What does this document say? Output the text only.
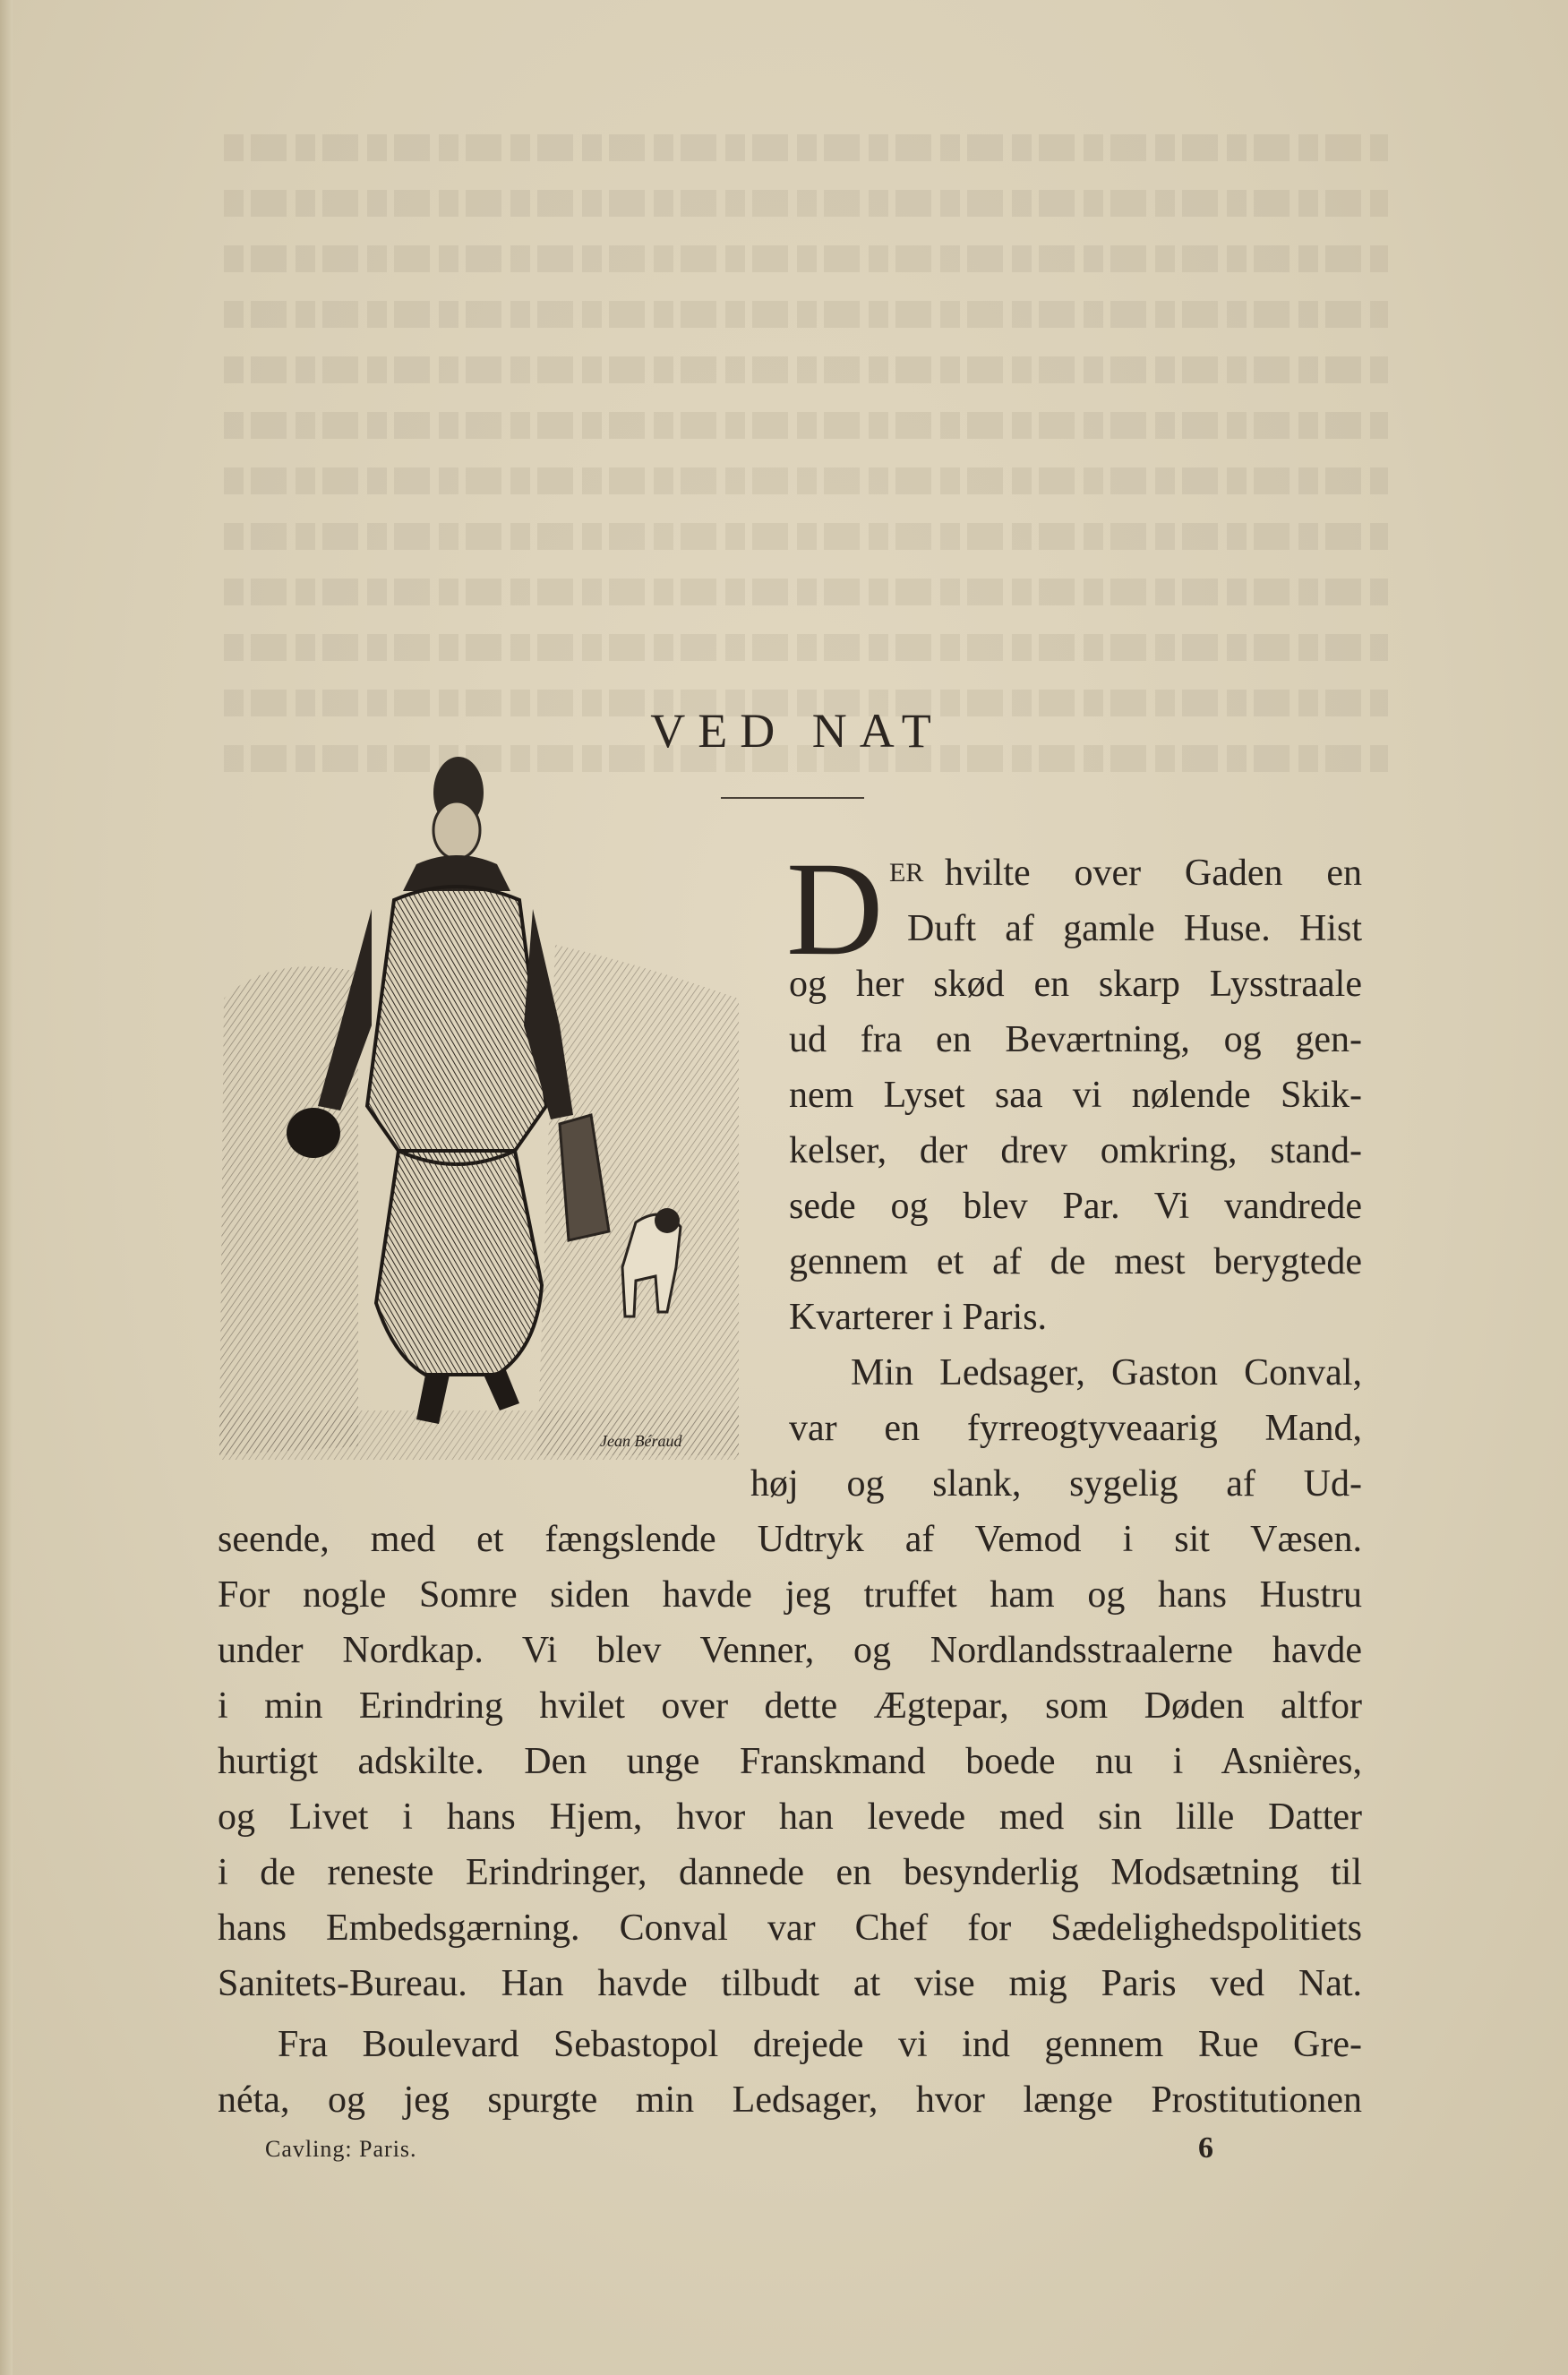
VED NAT
Jean Béraud
D ER hvilte over Gaden en
Duft af gamle Huse. Hist
og her skød en skarp Lysstraale
ud fra en Beværtning, og gen-
nem Lyset saa vi nølende Skik-
kelser, der drev omkring, stand-
sede og blev Par. Vi vandrede
gennem et af de mest berygtede
Kvarterer i Paris.
Min Ledsager, Gaston Conval,
var en fyrreogtyveaarig Mand,
høj og slank, sygelig af Ud-
seende, med et fængslende Udtryk af Vemod i sit Væsen.
For nogle Somre siden havde jeg truffet ham og hans Hustru
under Nordkap. Vi blev Venner, og Nordlandsstraalerne havde
i min Erindring hvilet over dette Ægtepar, som Døden altfor
hurtigt adskilte. Den unge Franskmand boede nu i Asnières,
og Livet i hans Hjem, hvor han levede med sin lille Datter
i de reneste Erindringer, dannede en besynderlig Modsætning til
hans Embedsgærning. Conval var Chef for Sædelighedspolitiets
Sanitets-Bureau. Han havde tilbudt at vise mig Paris ved Nat.
Fra Boulevard Sebastopol drejede vi ind gennem Rue Gre-
néta, og jeg spurgte min Ledsager, hvor længe Prostitutionen
Cavling: Paris.	6
